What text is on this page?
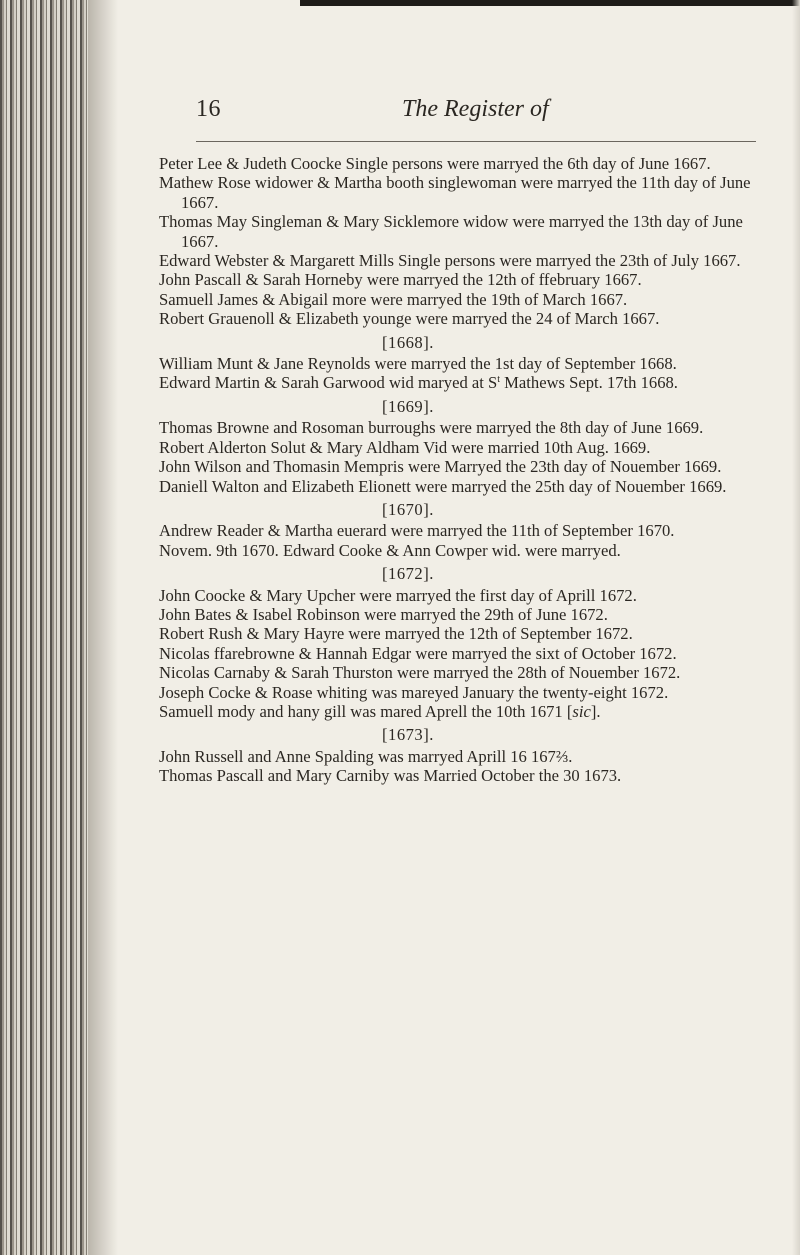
16	The Register of

Peter Lee & Judeth Coocke Single persons were marryed the 6th day of June 1667.

Mathew Rose widower & Martha booth singlewoman were marryed the 11th day of June 1667.

Thomas May Singleman & Mary Sicklemore widow were marryed the 13th day of June 1667.

Edward Webster & Margarett Mills Single persons were marryed the 23th of July 1667.

John Pascall & Sarah Horneby were marryed the 12th of ffebruary 1667.

Samuell James & Abigail more were marryed the 19th of March 1667.

Robert Grauenoll & Elizabeth younge were marryed the 24 of March 1667.

[1668].

William Munt & Jane Reynolds were marryed the 1st day of September 1668.

Edward Martin & Sarah Garwood wid maryed at $S^t$ Mathews Sept. 17th 1668.

[1669].

Thomas Browne and Rosoman burroughs were marryed the 8th day of June 1669.

Robert Alderton Solut & Mary Aldham Vid were married 10th Aug. 1669.

John Wilson and Thomasin Mempris were Marryed the 23th day of Nouember 1669.

Daniell Walton and Elizabeth Elionett were marryed the 25th day of Nouember 1669.

[1670].

Andrew Reader & Martha euerard were marryed the 11th of September 1670.

Novem. 9th 1670. Edward Cooke & Ann Cowper wid. were marryed.

[1672].

John Coocke & Mary Upcher were marryed the first day of Aprill 1672.

John Bates & Isabel Robinson were marryed the 29th of June 1672.

Robert Rush & Mary Hayre were marryed the 12th of September 1672.

Nicolas ffarebrowne & Hannah Edgar were marryed the sixt of October 1672.

Nicolas Carnaby & Sarah Thurston were marryed the 28th of Nouember 1672.

Joseph Cocke & Roase whiting was mareyed January the twenty-eight 1672.

Samuell mody and hany gill was mared Aprell the 10th 1671 [sic].

[1673].

John Russell and Anne Spalding was marryed Aprill 16 167⅔.

Thomas Pascall and Mary Carniby was Married October the 30 1673.
